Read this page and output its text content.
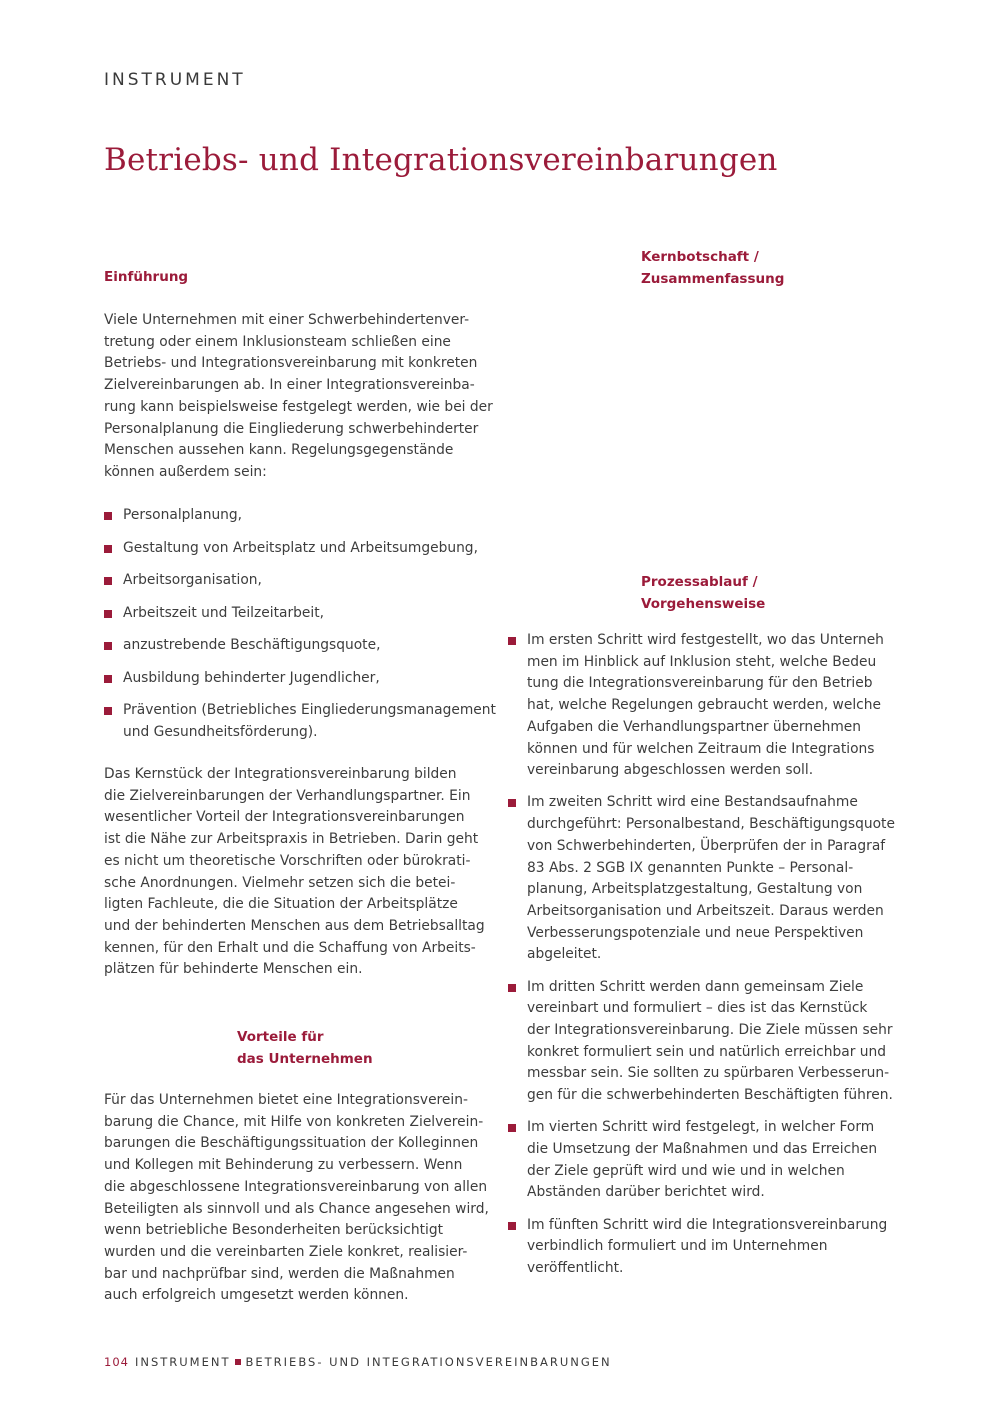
INSTRUMENT
Betriebs- und Integrationsvereinbarungen
Einführung
Viele Unternehmen mit einer Schwerbehindertenver-
tretung oder einem Inklusionsteam schließen eine
Betriebs- und Integrationsvereinbarung mit konkreten
Zielvereinbarungen ab. In einer Integrationsvereinba-
rung kann beispielsweise festgelegt werden, wie bei der
Personalplanung die Eingliederung schwerbehinderter
Menschen aussehen kann. Regelungsgegenstände
können außerdem sein:
Personalplanung,
Gestaltung von Arbeitsplatz und Arbeitsumgebung,
Arbeitsorganisation,
Arbeitszeit und Teilzeitarbeit,
anzustrebende Beschäftigungsquote,
Ausbildung behinderter Jugendlicher,
Prävention (Betriebliches Eingliederungsmanagement
und Gesundheitsförderung).
Das Kernstück der Integrationsvereinbarung bilden
die Zielvereinbarungen der Verhandlungspartner. Ein
wesentlicher Vorteil der Integrationsvereinbarungen
ist die Nähe zur Arbeitspraxis in Betrieben. Darin geht
es nicht um theoretische Vorschriften oder bürokrati-
sche Anordnungen. Vielmehr setzen sich die betei-
ligten Fachleute, die die Situation der Arbeitsplätze
und der behinderten Menschen aus dem Betriebsalltag
kennen, für den Erhalt und die Schaffung von Arbeits-
plätzen für behinderte Menschen ein.
Vorteile für
das Unternehmen
Für das Unternehmen bietet eine Integrationsverein-
barung die Chance, mit Hilfe von konkreten Zielverein-
barungen die Beschäftigungssituation der Kolleginnen
und Kollegen mit Behinderung zu verbessern. Wenn
die abgeschlossene Integrationsvereinbarung von allen
Beteiligten als sinnvoll und als Chance angesehen wird,
wenn betriebliche Besonderheiten berücksichtigt
wurden und die vereinbarten Ziele konkret, realisier-
bar und nachprüfbar sind, werden die Maßnahmen
auch erfolgreich umgesetzt werden können.
Kernbotschaft /
Zusammenfassung
Prozessablauf /
Vorgehensweise
Im ersten Schritt wird festgestellt, wo das Unterneh
men im Hinblick auf Inklusion steht, welche Bedeu
tung die Integrationsvereinbarung für den Betrieb
hat, welche Regelungen gebraucht werden, welche
Aufgaben die Verhandlungspartner übernehmen
können und für welchen Zeitraum die Integrations
vereinbarung abgeschlossen werden soll.
Im zweiten Schritt wird eine Bestandsaufnahme
durchgeführt: Personalbestand, Beschäftigungsquote
von Schwerbehinderten, Überprüfen der in Paragraf
83 Abs. 2 SGB IX genannten Punkte – Personal-
planung, Arbeitsplatzgestaltung, Gestaltung von
Arbeitsorganisation und Arbeitszeit. Daraus werden
Verbesserungspotenziale und neue Perspektiven
abgeleitet.
Im dritten Schritt werden dann gemeinsam Ziele
vereinbart und formuliert – dies ist das Kernstück
der Integrationsvereinbarung. Die Ziele müssen sehr
konkret formuliert sein und natürlich erreichbar und
messbar sein. Sie sollten zu spürbaren Verbesserun-
gen für die schwerbehinderten Beschäftigten führen.
Im vierten Schritt wird festgelegt, in welcher Form
die Umsetzung der Maßnahmen und das Erreichen
der Ziele geprüft wird und wie und in welchen
Abständen darüber berichtet wird.
Im fünften Schritt wird die Integrationsvereinbarung
verbindlich formuliert und im Unternehmen
veröffentlicht.
104 INSTRUMENT BETRIEBS- UND INTEGRATIONSVEREINBARUNGEN
